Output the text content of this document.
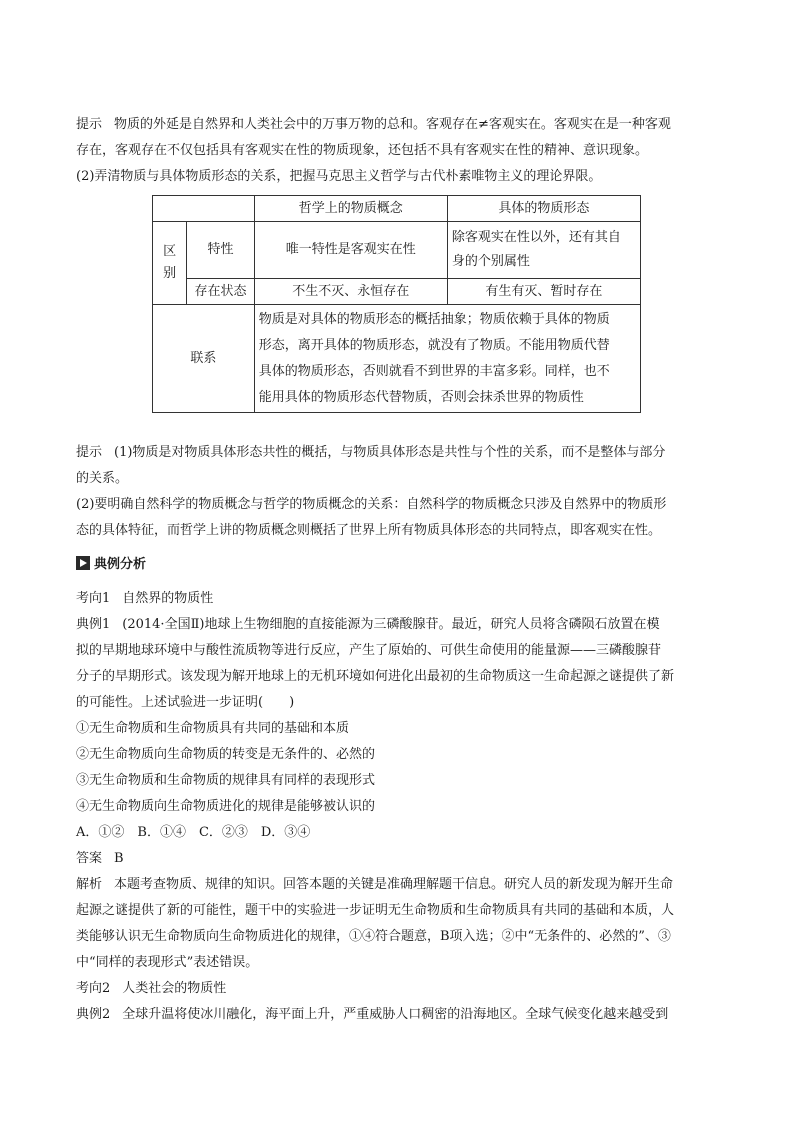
提示 物质的外延是自然界和人类社会中的万事万物的总和。客观存在≠客观实在。客观实在是一种客观
存在，客观存在不仅包括具有客观实在性的物质现象，还包括不具有客观实在性的精神、意识现象。
(2)弄清物质与具体物质形态的关系，把握马克思主义哲学与古代朴素唯物主义的理论界限。
		哲学上的物质概念	具体的物质形态
区
别	特性	唯一特性是客观实在性	除客观实在性以外，还有其自
身的个别属性
	存在状态	不生不灭、永恒存在	有生有灭、暂时存在
联系		物质是对具体的物质形态的概括抽象；物质依赖于具体的物质
形态，离开具体的物质形态，就没有了物质。不能用物质代替
具体的物质形态，否则就看不到世界的丰富多彩。同样，也不
能用具体的物质形态代替物质，否则会抹杀世界的物质性	
提示 (1)物质是对物质具体形态共性的概括，与物质具体形态是共性与个性的关系，而不是整体与部分
的关系。
(2)要明确自然科学的物质概念与哲学的物质概念的关系：自然科学的物质概念只涉及自然界中的物质形
态的具体特征，而哲学上讲的物质概念则概括了世界上所有物质具体形态的共同特点，即客观实在性。
典例分析
考向1 自然界的物质性
典例1 (2014·全国Ⅱ)地球上生物细胞的直接能源为三磷酸腺苷。最近，研究人员将含磷陨石放置在模
拟的早期地球环境中与酸性流质物等进行反应，产生了原始的、可供生命使用的能量源——三磷酸腺苷
分子的早期形式。该发现为解开地球上的无机环境如何进化出最初的生命物质这一生命起源之谜提供了新
的可能性。上述试验进一步证明(　　)
①无生命物质和生命物质具有共同的基础和本质
②无生命物质向生命物质的转变是无条件的、必然的
③无生命物质和生命物质的规律具有同样的表现形式
④无生命物质向生命物质进化的规律是能够被认识的
A．①②　B．①④　C．②③　D．③④
答案 B
解析 本题考查物质、规律的知识。回答本题的关键是准确理解题干信息。研究人员的新发现为解开生命
起源之谜提供了新的可能性，题干中的实验进一步证明无生命物质和生命物质具有共同的基础和本质，人
类能够认识无生命物质向生命物质进化的规律，①④符合题意，B项入选；②中“无条件的、必然的”、③
中“同样的表现形式”表述错误。
考向2 人类社会的物质性
典例2 全球升温将使冰川融化，海平面上升，严重威胁人口稠密的沿海地区。全球气候变化越来越受到
